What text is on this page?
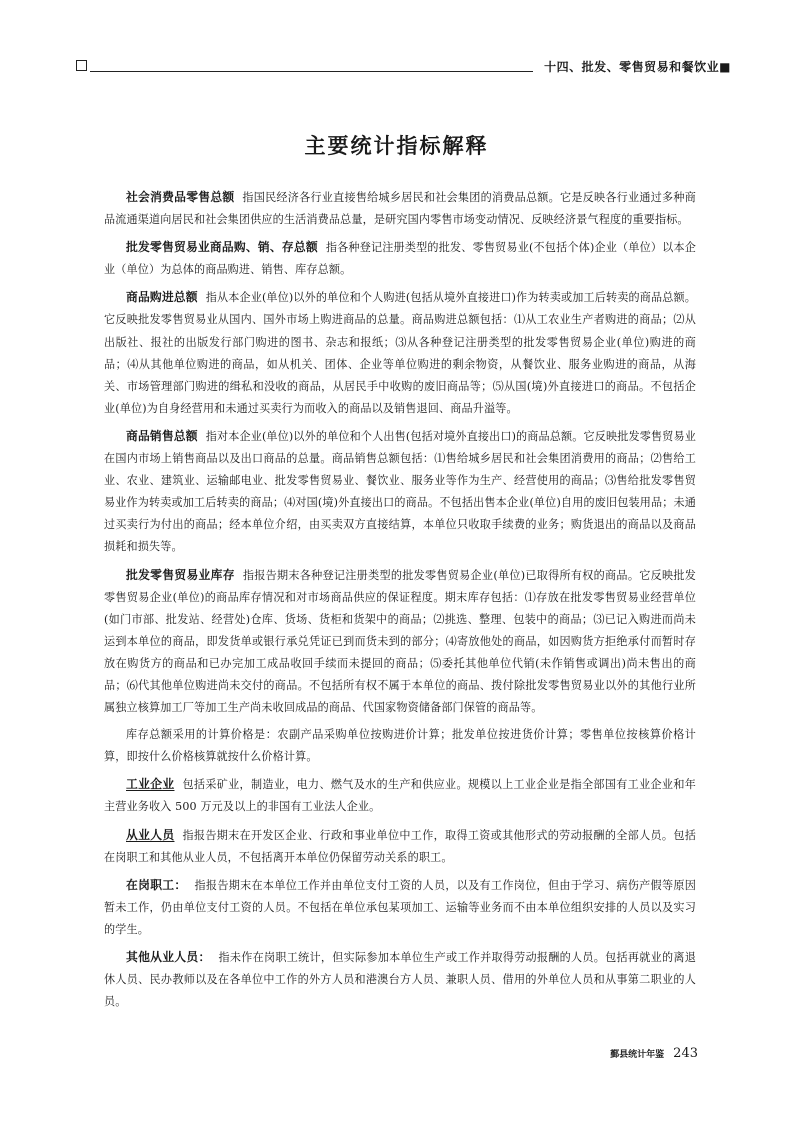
十四、批发、零售贸易和餐饮业■
主要统计指标解释

社会消费品零售总额 指国民经济各行业直接售给城乡居民和社会集团的消费品总额。它是反映各行业通过多种商品流通渠道向居民和社会集团供应的生活消费品总量，是研究国内零售市场变动情况、反映经济景气程度的重要指标。

批发零售贸易业商品购、销、存总额 指各种登记注册类型的批发、零售贸易业(不包括个体)企业（单位）以本企业（单位）为总体的商品购进、销售、库存总额。

商品购进总额 指从本企业(单位)以外的单位和个人购进(包括从境外直接进口)作为转卖或加工后转卖的商品总额。它反映批发零售贸易业从国内、国外市场上购进商品的总量。商品购进总额包括：⑴从工农业生产者购进的商品；⑵从出版社、报社的出版发行部门购进的图书、杂志和报纸；⑶从各种登记注册类型的批发零售贸易企业(单位)购进的商品；⑷从其他单位购进的商品，如从机关、团体、企业等单位购进的剩余物资，从餐饮业、服务业购进的商品，从海关、市场管理部门购进的缉私和没收的商品，从居民手中收购的废旧商品等；⑸从国(境)外直接进口的商品。不包括企业(单位)为自身经营用和未通过买卖行为而收入的商品以及销售退回、商品升溢等。

商品销售总额 指对本企业(单位)以外的单位和个人出售(包括对境外直接出口)的商品总额。它反映批发零售贸易业在国内市场上销售商品以及出口商品的总量。商品销售总额包括：⑴售给城乡居民和社会集团消费用的商品；⑵售给工业、农业、建筑业、运输邮电业、批发零售贸易业、餐饮业、服务业等作为生产、经营使用的商品；⑶售给批发零售贸易业作为转卖或加工后转卖的商品；⑷对国(境)外直接出口的商品。不包括出售本企业(单位)自用的废旧包装用品；未通过买卖行为付出的商品；经本单位介绍，由买卖双方直接结算，本单位只收取手续费的业务；购货退出的商品以及商品损耗和损失等。

批发零售贸易业库存 指报告期末各种登记注册类型的批发零售贸易企业(单位)已取得所有权的商品。它反映批发零售贸易企业(单位)的商品库存情况和对市场商品供应的保证程度。期末库存包括：⑴存放在批发零售贸易业经营单位(如门市部、批发站、经营处)仓库、货场、货柜和货架中的商品；⑵挑选、整理、包装中的商品；⑶已记入购进而尚未运到本单位的商品，即发货单或银行承兑凭证已到而货未到的部分；⑷寄放他处的商品，如因购货方拒绝承付而暂时存放在购货方的商品和已办完加工成品收回手续而未提回的商品；⑸委托其他单位代销(未作销售或调出)尚未售出的商品；⑹代其他单位购进尚未交付的商品。不包括所有权不属于本单位的商品、拨付除批发零售贸易业以外的其他行业所属独立核算加工厂等加工生产尚未收回成品的商品、代国家物资储备部门保管的商品等。

库存总额采用的计算价格是：农副产品采购单位按购进价计算；批发单位按进货价计算；零售单位按核算价格计算，即按什么价格核算就按什么价格计算。

工业企业 包括采矿业，制造业，电力、燃气及水的生产和供应业。规模以上工业企业是指全部国有工业企业和年主营业务收入 500 万元及以上的非国有工业法人企业。

从业人员 指报告期末在开发区企业、行政和事业单位中工作，取得工资或其他形式的劳动报酬的全部人员。包括在岗职工和其他从业人员，不包括离开本单位仍保留劳动关系的职工。

在岗职工： 指报告期末在本单位工作并由单位支付工资的人员，以及有工作岗位，但由于学习、病伤产假等原因暂未工作，仍由单位支付工资的人员。不包括在单位承包某项加工、运输等业务而不由本单位组织安排的人员以及实习的学生。

其他从业人员： 指未作在岗职工统计，但实际参加本单位生产或工作并取得劳动报酬的人员。包括再就业的离退休人员、民办教师以及在各单位中工作的外方人员和港澳台方人员、兼职人员、借用的外单位人员和从事第二职业的人员。

鄞县统计年鉴 243
